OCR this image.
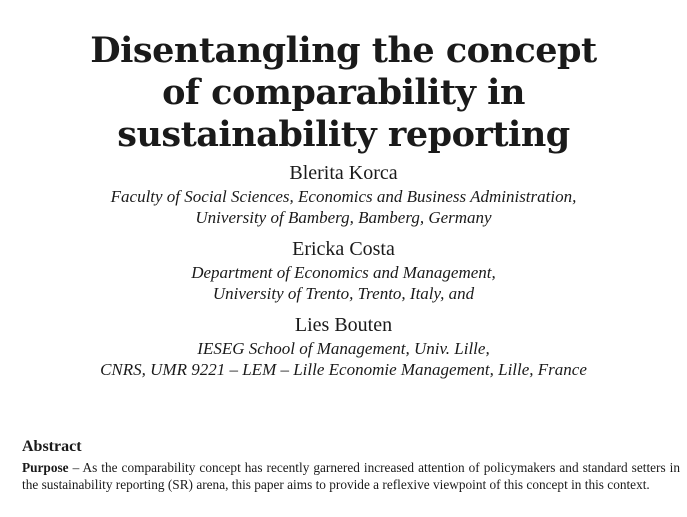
Disentangling the concept
of comparability in
sustainability reporting
Blerita Korca
Faculty of Social Sciences, Economics and Business Administration,
University of Bamberg, Bamberg, Germany
Ericka Costa
Department of Economics and Management,
University of Trento, Trento, Italy, and
Lies Bouten
IESEG School of Management, Univ. Lille,
CNRS, UMR 9221 – LEM – Lille Economie Management, Lille, France
Abstract

Purpose – As the comparability concept has recently garnered increased attention of policymakers and standard setters in the sustainability reporting (SR) arena, this paper aims to provide a reflexive viewpoint of this concept in this context.
